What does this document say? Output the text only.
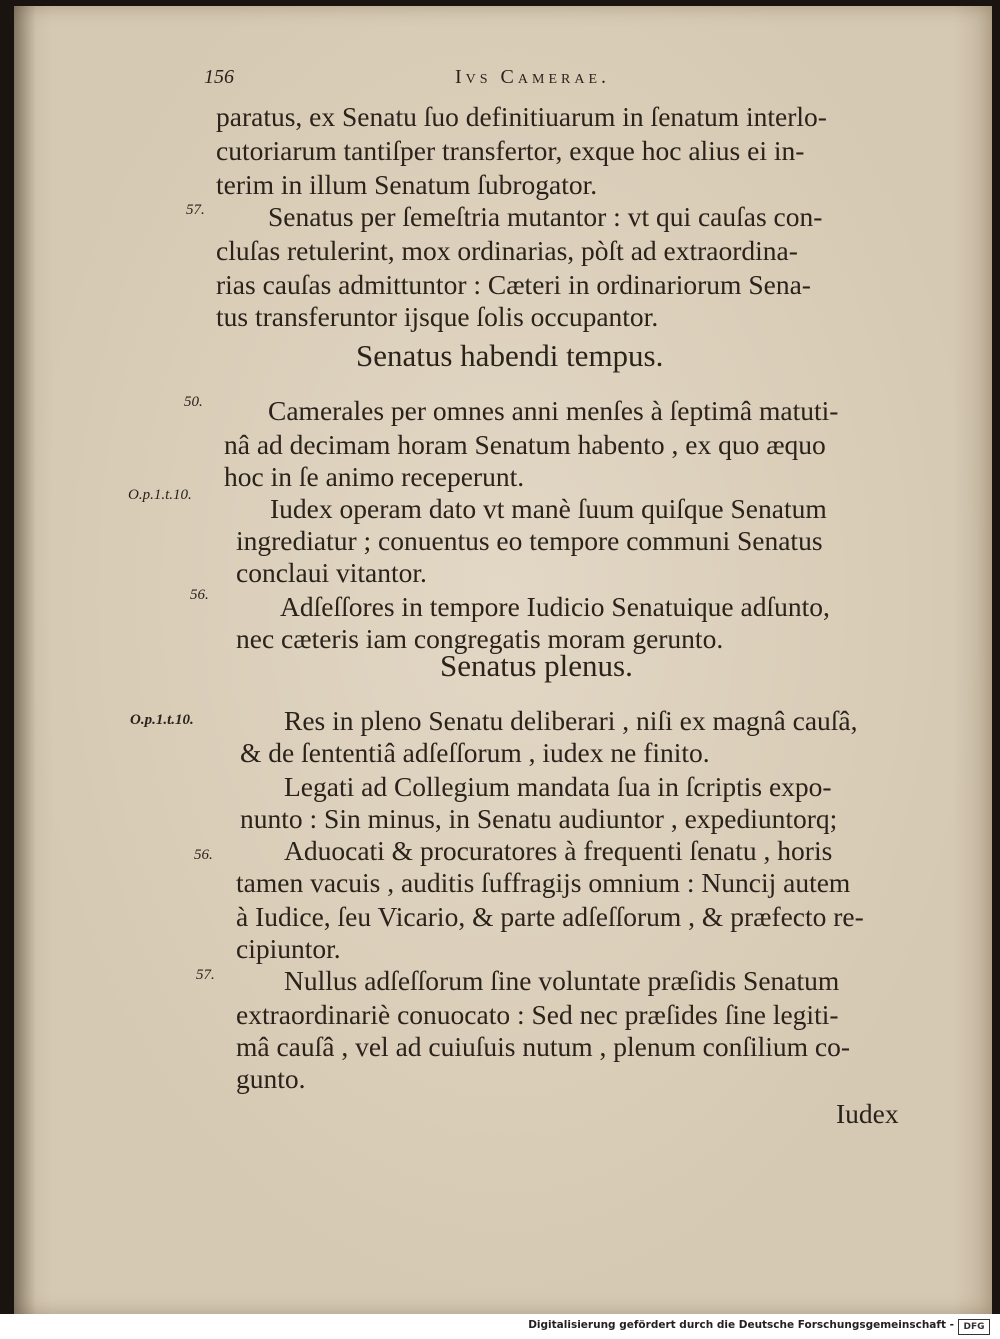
156	Ivs Camerae.
paratus, ex Senatu ſuo definitiuarum in ſenatum interlo-
cutoriarum tantiſper transfertor, exque hoc alius ei in-
terim in illum Senatum ſubrogator.
Senatus per ſemeſtria mutantor : vt qui cauſas con-
cluſas retulerint, mox ordinarias, pòſt ad extraordina-
rias cauſas admittuntor : Cæteri in ordinariorum Sena-
tus transferuntor ijsque ſolis occupantor.
Camerales per omnes anni menſes à ſeptimâ matuti-
nâ ad decimam horam Senatum habento , ex quo æquo
hoc in ſe animo receperunt.
Iudex operam dato vt manè ſuum quiſque Senatum
ingrediatur ; conuentus eo tempore communi Senatus
conclaui vitantor.
Adſeſſores in tempore Iudicio Senatuique adſunto,
nec cæteris iam congregatis moram gerunto.
Res in pleno Senatu deliberari , niſi ex magnâ cauſâ,
& de ſententiâ adſeſſorum , iudex ne finito.
Legati ad Collegium mandata ſua in ſcriptis expo-
nunto : Sin minus, in Senatu audiuntor , expediuntorq;
Aduocati & procuratores à frequenti ſenatu , horis
tamen vacuis , auditis ſuffragijs omnium : Nuncij autem
à Iudice, ſeu Vicario, & parte adſeſſorum , & præfecto re-
cipiuntor.
Nullus adſeſſorum ſine voluntate præſidis Senatum
extraordinariè conuocato : Sed nec præſides ſine legiti-
mâ cauſâ , vel ad cuiuſuis nutum , plenum conſilium co-
gunto.
Senatus habendi tempus.
Senatus plenus.
57.
50.
O.p.1.t.10.
56.
O.p.1.t.10.
56.
57.
Iudex
Digitalisierung gefördert durch die Deutsche Forschungsgemeinschaft -	DFG
